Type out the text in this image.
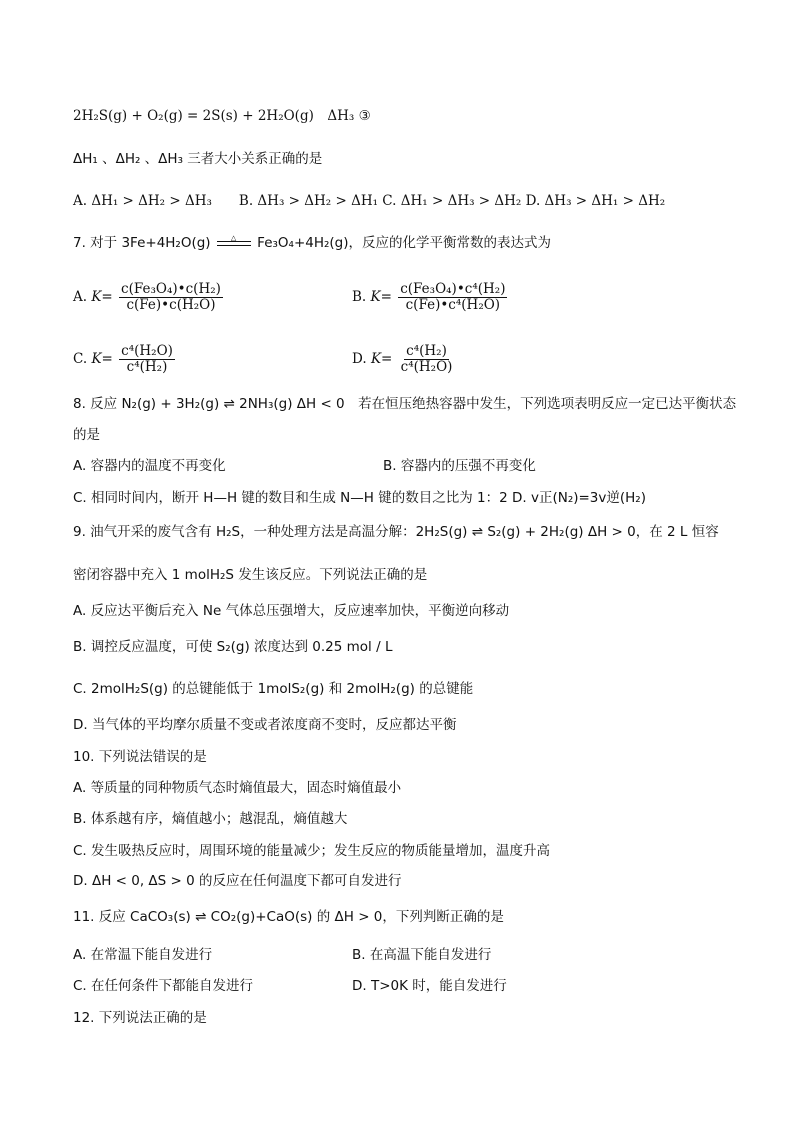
2H₂S(g) + O₂(g) = 2S(s) + 2H₂O(g)　ΔH₃ ③
ΔH₁ 、ΔH₂ 、ΔH₃ 三者大小关系正确的是
A. ΔH₁ > ΔH₂ > ΔH₃　　B. ΔH₃ > ΔH₂ > ΔH₁ C. ΔH₁ > ΔH₃ > ΔH₂ D. ΔH₃ > ΔH₁ > ΔH₂
7. 对于 3Fe+4H₂O(g)	△ Fe₃O₄+4H₂(g)，反应的化学平衡常数的表达式为
A. $K= \frac{\text{c(Fe₃O₄)•c(H₂)}}{\text{c(Fe)•c(H₂O)}}$	B. $K= \frac{\text{c(Fe₃O₄)•c⁴(H₂)}}{\text{c(Fe)•c⁴(H₂O)}}$
C. $K= \frac{\text{c⁴(H₂O)}}{\text{c⁴(H₂)}}$	D. $K= \frac{\text{c⁴(H₂)}}{\text{c⁴(H₂O)}}$
8. 反应 N₂(g) + 3H₂(g) ⇌ 2NH₃(g) ΔH < 0　若在恒压绝热容器中发生，下列选项表明反应一定已达平衡状态
的是
A. 容器内的温度不再变化	B. 容器内的压强不再变化
C. 相同时间内，断开 H—H 键的数目和生成 N—H 键的数目之比为 1：2 D. v正(N₂)=3v逆(H₂)
9. 油气开采的废气含有 H₂S，一种处理方法是高温分解：2H₂S(g) ⇌ S₂(g) + 2H₂(g) ΔH > 0，在 2 L 恒容
密闭容器中充入 1 molH₂S 发生该反应。下列说法正确的是
A. 反应达平衡后充入 Ne 气体总压强增大，反应速率加快，平衡逆向移动
B. 调控反应温度，可使 S₂(g) 浓度达到 0.25 mol / L
C. 2molH₂S(g) 的总键能低于 1molS₂(g) 和 2molH₂(g) 的总键能
D. 当气体的平均摩尔质量不变或者浓度商不变时，反应都达平衡
10. 下列说法错误的是
A. 等质量的同种物质气态时熵值最大，固态时熵值最小
B. 体系越有序，熵值越小；越混乱，熵值越大
C. 发生吸热反应时，周围环境的能量减少；发生反应的物质能量增加，温度升高
D. ΔH < 0, ΔS > 0 的反应在任何温度下都可自发进行
11. 反应 CaCO₃(s) ⇌ CO₂(g)+CaO(s) 的 ΔH > 0，下列判断正确的是
A. 在常温下能自发进行	B. 在高温下能自发进行
C. 在任何条件下都能自发进行	D. T>0K 时，能自发进行
12. 下列说法正确的是
